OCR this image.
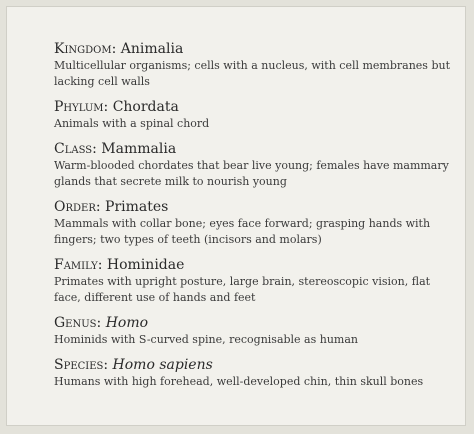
Kingdom: Animalia
Multicellular organisms; cells with a nucleus, with cell membranes but lacking cell walls
Phylum: Chordata
Animals with a spinal chord
Class: Mammalia
Warm-blooded chordates that bear live young; females have mammary glands that secrete milk to nourish young
Order: Primates
Mammals with collar bone; eyes face forward; grasping hands with fingers; two types of teeth (incisors and molars)
Family: Hominidae
Primates with upright posture, large brain, stereoscopic vision, flat face, different use of hands and feet
Genus: Homo
Hominids with S-curved spine, recognisable as human
Species: Homo sapiens
Humans with high forehead, well-developed chin, thin skull bones
